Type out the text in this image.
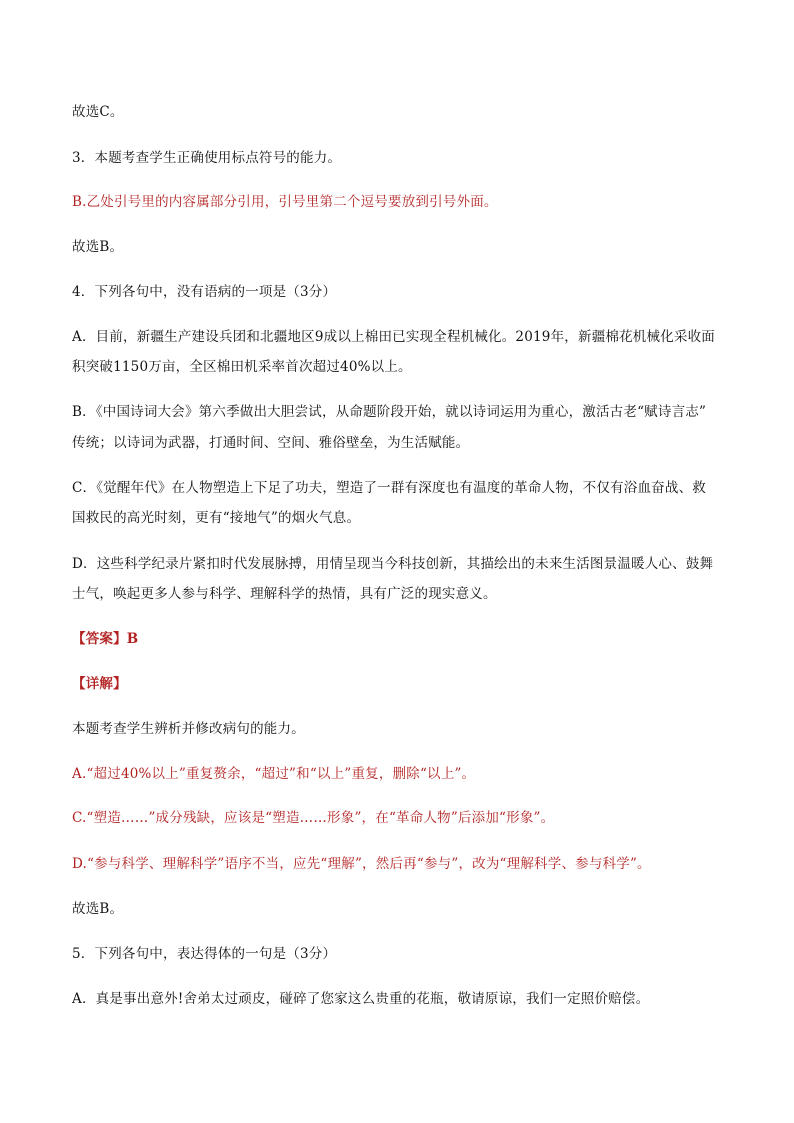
故选C。
3．本题考查学生正确使用标点符号的能力。
B.乙处引号里的内容属部分引用，引号里第二个逗号要放到引号外面。
故选B。
4．下列各句中，没有语病的一项是（3分）
A．目前，新疆生产建设兵团和北疆地区9成以上棉田已实现全程机械化。2019年，新疆棉花机械化采收面
积突破1150万亩，全区棉田机采率首次超过40%以上。
B．《中国诗词大会》第六季做出大胆尝试，从命题阶段开始，就以诗词运用为重心，激活古老“赋诗言志”
传统；以诗词为武器，打通时间、空间、雅俗壁垒，为生活赋能。
C．《觉醒年代》在人物塑造上下足了功夫，塑造了一群有深度也有温度的革命人物，不仅有浴血奋战、救
国救民的高光时刻，更有“接地气”的烟火气息。
D．这些科学纪录片紧扣时代发展脉搏，用情呈现当今科技创新，其描绘出的未来生活图景温暖人心、鼓舞
士气，唤起更多人参与科学、理解科学的热情，具有广泛的现实意义。
【答案】B
【详解】
本题考查学生辨析并修改病句的能力。
A.“超过40%以上”重复赘余，“超过”和“以上”重复，删除“以上”。
C.“塑造……”成分残缺，应该是“塑造……形象”，在“革命人物”后添加“形象”。
D.“参与科学、理解科学”语序不当，应先“理解”，然后再“参与”，改为“理解科学、参与科学”。
故选B。
5．下列各句中，表达得体的一句是（3分）
A．真是事出意外!舍弟太过顽皮，碰碎了您家这么贵重的花瓶，敬请原谅，我们一定照价赔偿。
